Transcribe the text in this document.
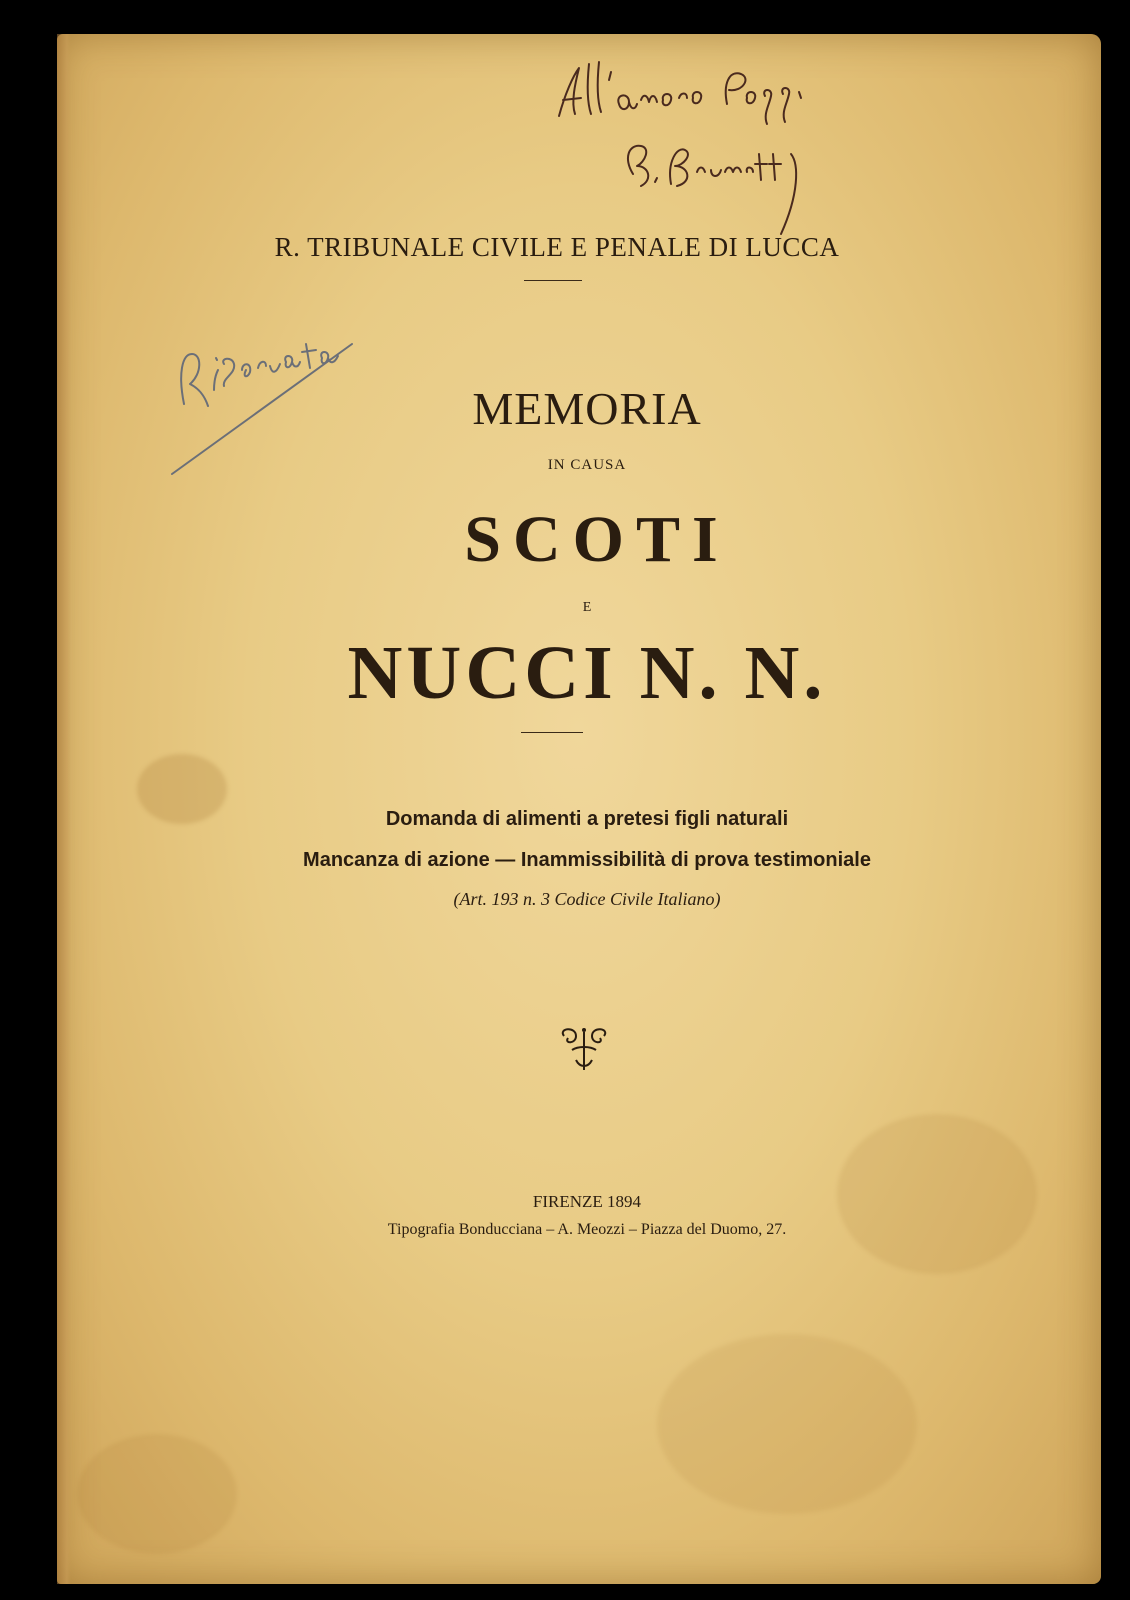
R. TRIBUNALE CIVILE E PENALE DI LUCCA
MEMORIA
IN CAUSA
SCOTI
E
NUCCI N. N.
Domanda di alimenti a pretesi figli naturali
Mancanza di azione — Inammissibilità di prova testimoniale
(Art. 193 n. 3 Codice Civile Italiano)
FIRENZE 1894
Tipografia Bonducciana – A. Meozzi – Piazza del Duomo, 27.
